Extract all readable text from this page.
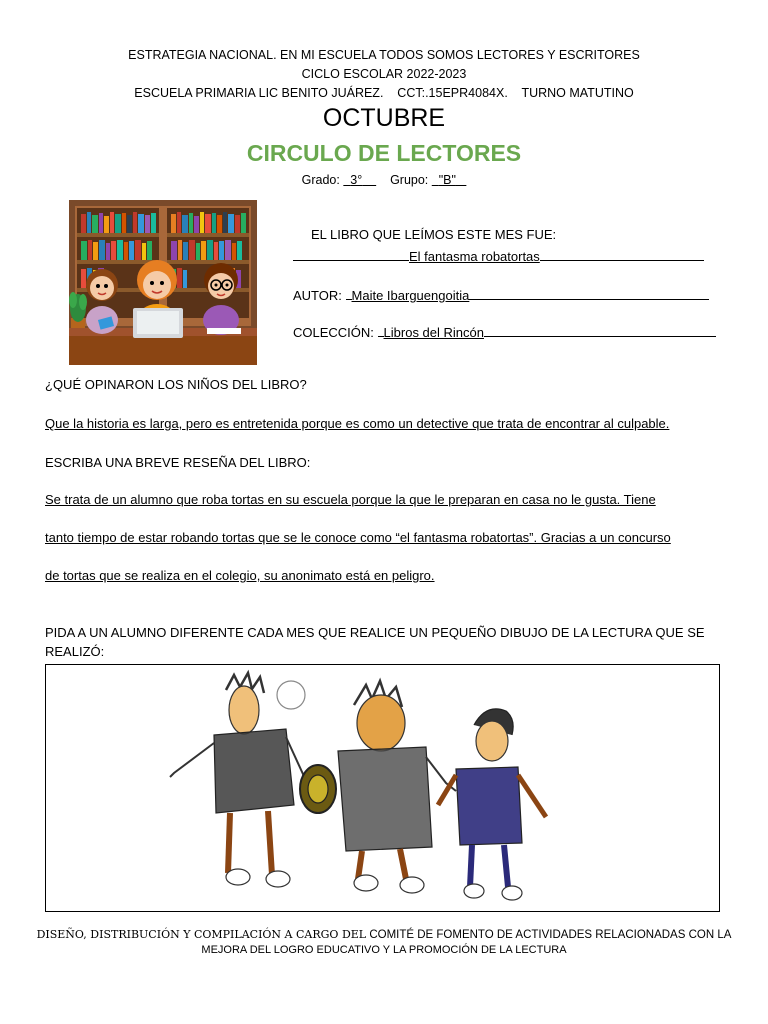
ESTRATEGIA NACIONAL. EN MI ESCUELA TODOS SOMOS LECTORES Y ESCRITORES
CICLO ESCOLAR 2022-2023
ESCUELA PRIMARIA LIC BENITO JUÁREZ.    CCT:.15EPR4084X.    TURNO MATUTINO
OCTUBRE
CIRCULO DE LECTORES
Grado: 3° Grupo: "B"
EL LIBRO QUE LEÍMOS ESTE MES FUE:
El fantasma robatortas
AUTOR: Maite Ibarguengoitia
COLECCIÓN: Libros del Rincón
¿QUÉ OPINARON LOS NIÑOS DEL LIBRO?
Que la historia es larga, pero es entretenida porque es como un detective que trata de encontrar al culpable.
ESCRIBA UNA BREVE RESEÑA DEL LIBRO:
Se trata de un alumno que roba tortas en su escuela porque la que le preparan en casa no le gusta. Tiene
tanto tiempo de estar robando tortas que se le conoce como “el fantasma robatortas”. Gracias a un concurso
de tortas que se realiza en el colegio, su anonimato está en peligro.
PIDA A UN ALUMNO DIFERENTE CADA MES QUE REALICE UN PEQUEÑO DIBUJO DE LA LECTURA QUE SE
REALIZÓ:
DISEÑO, DISTRIBUCIÓN Y COMPILACIÓN A CARGO DEL COMITÉ DE FOMENTO DE ACTIVIDADES RELACIONADAS CON LA
MEJORA DEL LOGRO EDUCATIVO Y LA PROMOCIÓN DE LA LECTURA
